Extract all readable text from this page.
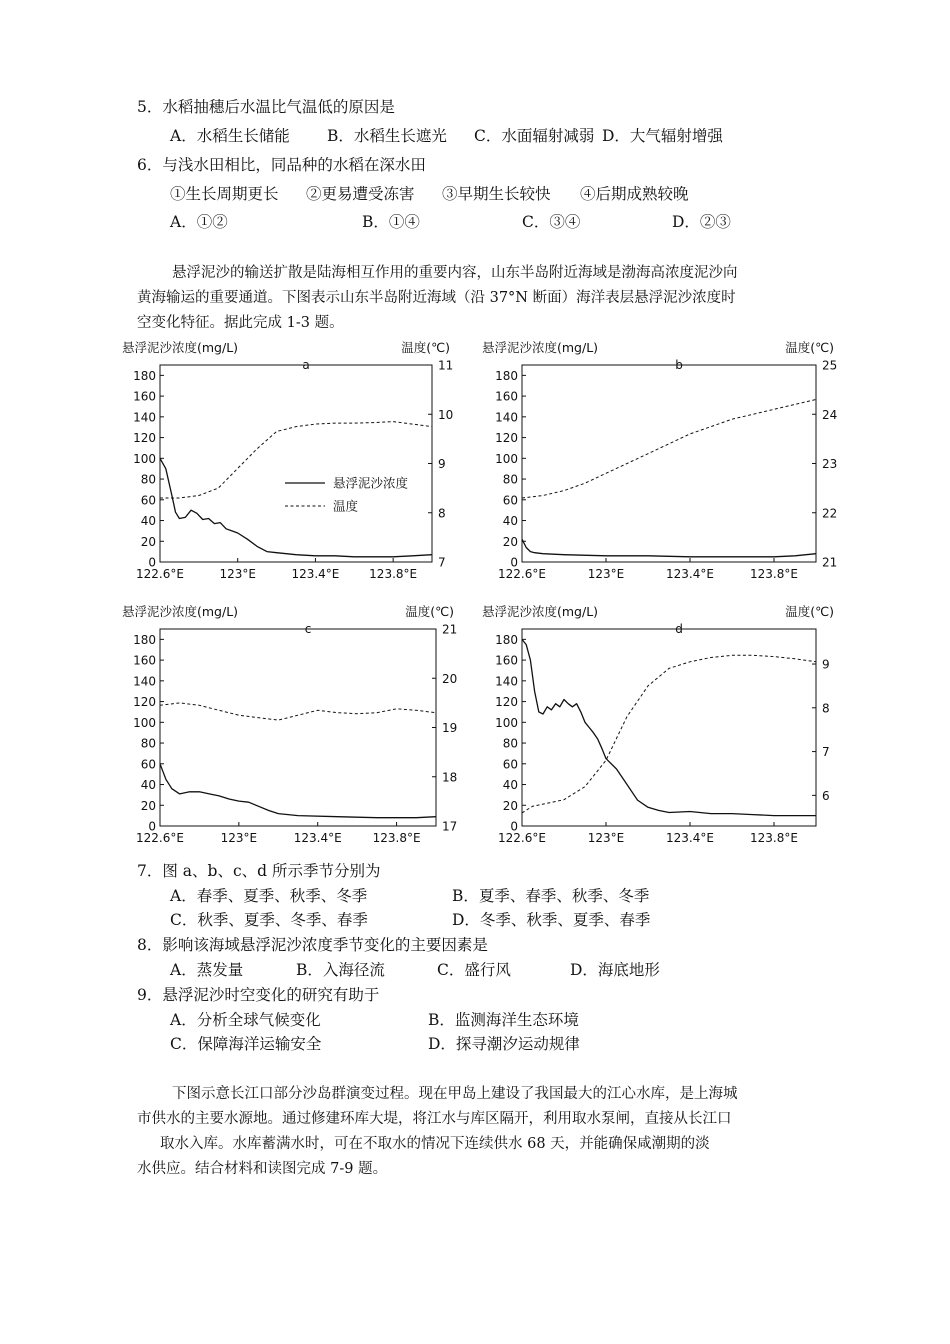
5．水稻抽穗后水温比气温低的原因是
A．水稻生长储能 B．水稻生长遮光 C．水面辐射减弱 D．大气辐射增强
6．与浅水田相比，同品种的水稻在深水田
①生长周期更长 ②更易遭受冻害 ③早期生长较快 ④后期成熟较晚
A．①②	B．①④	C．③④	D．②③
悬浮泥沙的输送扩散是陆海相互作用的重要内容，山东半岛附近海域是渤海高浓度泥沙向
黄海输运的重要通道。下图表示山东半岛附近海域（沿 37°N 断面）海洋表层悬浮泥沙浓度时
空变化特征。据此完成 1-3 题。
悬浮泥沙浓度(mg/L)	温度(℃)
a
0
20
40
60
80
100
120
140
160
180
7
8
9
10
11
122.6°E	123°E	123.4°E 123.8°E
悬浮泥沙浓度
温度
悬浮泥沙浓度(mg/L)	温度(℃)
b
0
20
40
60
80
100
120
140
160
180
21
22
23
24
25
122.6°E	123°E	123.4°E	123.8°E
悬浮泥沙浓度(mg/L)	温度(℃)
c
0
20
40
60
80
100
120
140
160
180
17
18
19
20
21
122.6°E	123°E	123.4°E	123.8°E
悬浮泥沙浓度(mg/L)	温度(℃)
d
0
20
40
60
80
100
120
140
160
180
6
7
8
9
122.6°E	123°E	123.4°E	123.8°E
7．图 a、b、c、d 所示季节分别为
A．春季、夏季、秋季、冬季	B．夏季、春季、秋季、冬季
C．秋季、夏季、冬季、春季	D．冬季、秋季、夏季、春季
8．影响该海域悬浮泥沙浓度季节变化的主要因素是
A．蒸发量	B．入海径流	C．盛行风	D．海底地形
9．悬浮泥沙时空变化的研究有助于
A．分析全球气候变化	B．监测海洋生态环境
C．保障海洋运输安全	D．探寻潮汐运动规律
下图示意长江口部分沙岛群演变过程。现在甲岛上建设了我国最大的江心水库，是上海城
市供水的主要水源地。通过修建环库大堤，将江水与库区隔开，利用取水泵闸，直接从长江口
取水入库。水库蓄满水时，可在不取水的情况下连续供水 68 天，并能确保咸潮期的淡
水供应。结合材料和读图完成 7-9 题。
